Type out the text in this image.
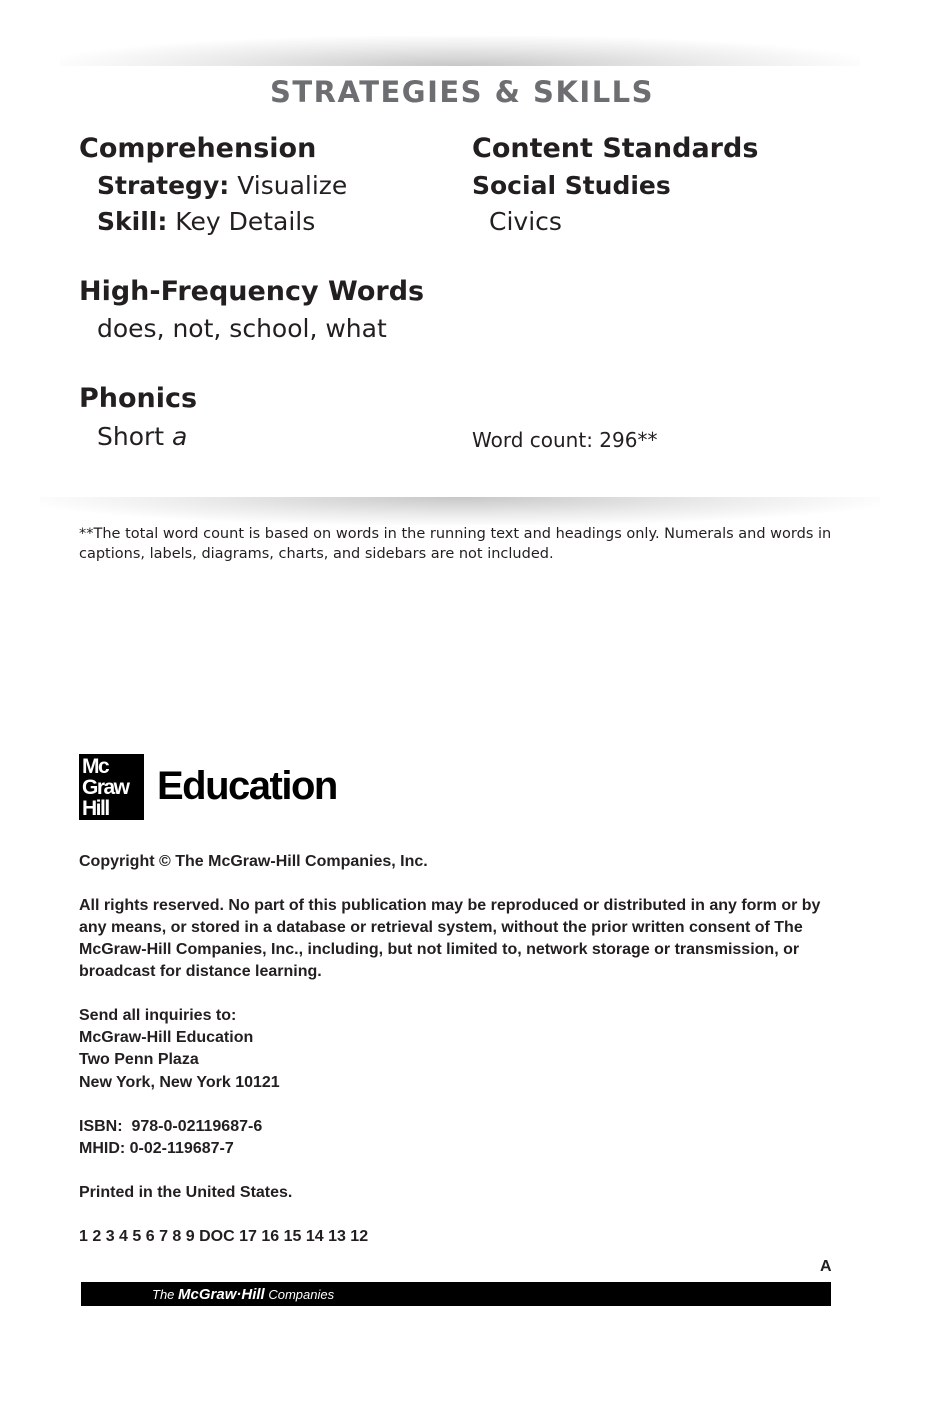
STRATEGIES & SKILLS
Comprehension
Strategy: Visualize
Skill: Key Details
Content Standards
Social Studies
Civics
High-Frequency Words
does, not, school, what
Phonics
Short a	Word count: 296**
**The total word count is based on words in the running text and headings only. Numerals and words in captions, labels, diagrams, charts, and sidebars are not included.
Mc
Graw
Hill
Education
Copyright © The McGraw-Hill Companies, Inc.
All rights reserved. No part of this publication may be reproduced or distributed in any form or by any means, or stored in a database or retrieval system, without the prior written consent of The McGraw-Hill Companies, Inc., including, but not limited to, network storage or transmission, or broadcast for distance learning.
Send all inquiries to:
McGraw-Hill Education
Two Penn Plaza
New York, New York 10121
ISBN:  978-0-02119687-6
MHID: 0-02-119687-7
Printed in the United States.
1 2 3 4 5 6 7 8 9 DOC 17 16 15 14 13 12
A
The McGraw·Hill Companies
